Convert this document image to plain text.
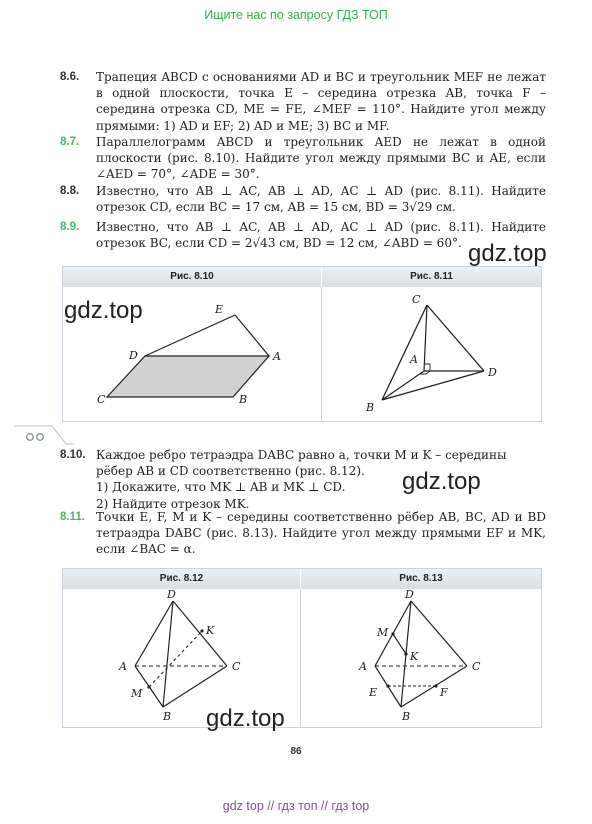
Ищите нас по запросу ГДЗ ТОП
8.6. Трапеция ABCD с основаниями AD и BC и треугольник MEF не лежат в одной плоскости, точка E – середина отрезка AB, точка F – середина отрезка CD, ME = FE, ∠MEF = 110°. Найдите угол между прямыми: 1) AD и EF; 2) AD и ME; 3) BC и MF.
8.7. Параллелограмм ABCD и треугольник AED не лежат в одной плоскости (рис. 8.10). Найдите угол между прямыми BC и AE, если ∠AED = 70°, ∠ADE = 30°.
8.8. Известно, что AB ⊥ AC, AB ⊥ AD, AC ⊥ AD (рис. 8.11). Найдите отрезок CD, если BC = 17 см, AB = 15 см, BD = 3√29 см.
8.9. Известно, что AB ⊥ AC, AB ⊥ AD, AC ⊥ AD (рис. 8.11). Найдите отрезок BC, если CD = 2√43 см, BD = 12 см, ∠ABD = 60°. gdz.top
Рис. 8.10	Рис. 8.11
E
D	A
C	B
C
A
D
B
8.10. Каждое ребро тетраэдра DABC равно a, точки M и K – середины рёбер AB и CD соответственно (рис. 8.12).
1) Докажите, что MK ⊥ AB и MK ⊥ CD.
2) Найдите отрезок MK.
gdz.top
8.11. Точки E, F, M и K – середины соответственно рёбер AB, BC, AD и BD тетраэдра DABC (рис. 8.13). Найдите угол между прямыми EF и MK, если ∠BAC = α.
Рис. 8.12	Рис. 8.13
D
K
A	C
M
B
D
M
K
A	C
E	F
B
gdz.top
gdz.top
86
gdz top // гдз топ // гдз top
